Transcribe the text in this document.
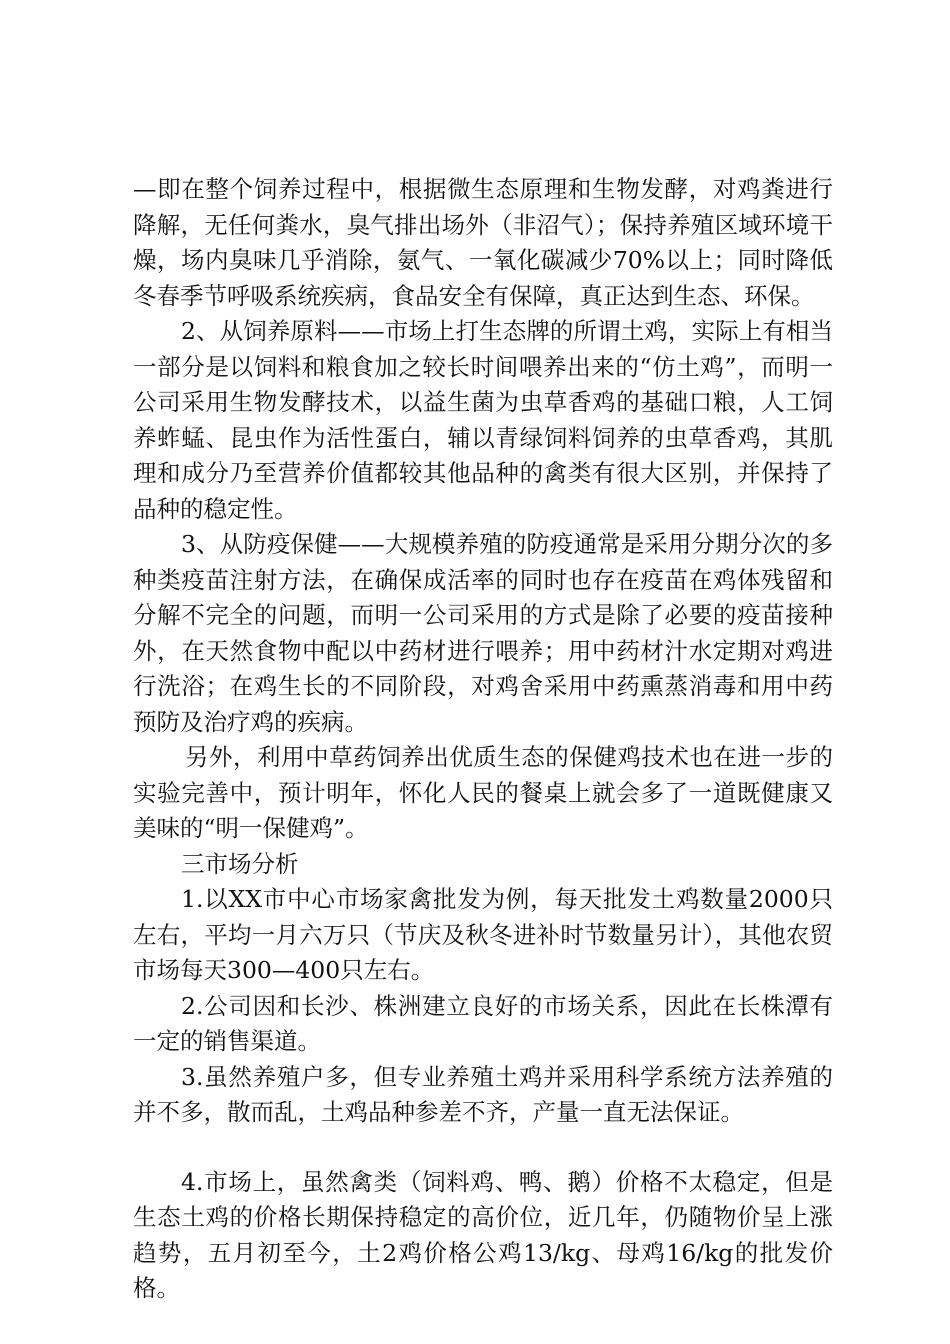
—即在整个饲养过程中，根据微生态原理和生物发酵，对鸡粪进行降解，无任何粪水，臭气排出场外（非沼气）；保持养殖区域环境干燥，场内臭味几乎消除，氨气、一氧化碳减少70%以上；同时降低冬春季节呼吸系统疾病，食品安全有保障，真正达到生态、环保。

2、从饲养原料——市场上打生态牌的所谓土鸡，实际上有相当一部分是以饲料和粮食加之较长时间喂养出来的“仿土鸡”，而明一公司采用生物发酵技术，以益生菌为虫草香鸡的基础口粮，人工饲养蚱蜢、昆虫作为活性蛋白，辅以青绿饲料饲养的虫草香鸡，其肌理和成分乃至营养价值都较其他品种的禽类有很大区别，并保持了品种的稳定性。

3、从防疫保健——大规模养殖的防疫通常是采用分期分次的多种类疫苗注射方法，在确保成活率的同时也存在疫苗在鸡体残留和分解不完全的问题，而明一公司采用的方式是除了必要的疫苗接种外，在天然食物中配以中药材进行喂养；用中药材汁水定期对鸡进行洗浴；在鸡生长的不同阶段，对鸡舍采用中药熏蒸消毒和用中药预防及治疗鸡的疾病。

另外，利用中草药饲养出优质生态的保健鸡技术也在进一步的实验完善中，预计明年，怀化人民的餐桌上就会多了一道既健康又美味的“明一保健鸡”。

三市场分析

1.以XX市中心市场家禽批发为例，每天批发土鸡数量2000只左右，平均一月六万只（节庆及秋冬进补时节数量另计），其他农贸市场每天300—400只左右。

2.公司因和长沙、株洲建立良好的市场关系，因此在长株潭有一定的销售渠道。

3.虽然养殖户多，但专业养殖土鸡并采用科学系统方法养殖的并不多，散而乱，土鸡品种参差不齐，产量一直无法保证。

4.市场上，虽然禽类（饲料鸡、鸭、鹅）价格不太稳定，但是生态土鸡的价格长期保持稳定的高价位，近几年，仍随物价呈上涨趋势，五月初至今，土2鸡价格公鸡13/kg、母鸡16/kg的批发价格。
